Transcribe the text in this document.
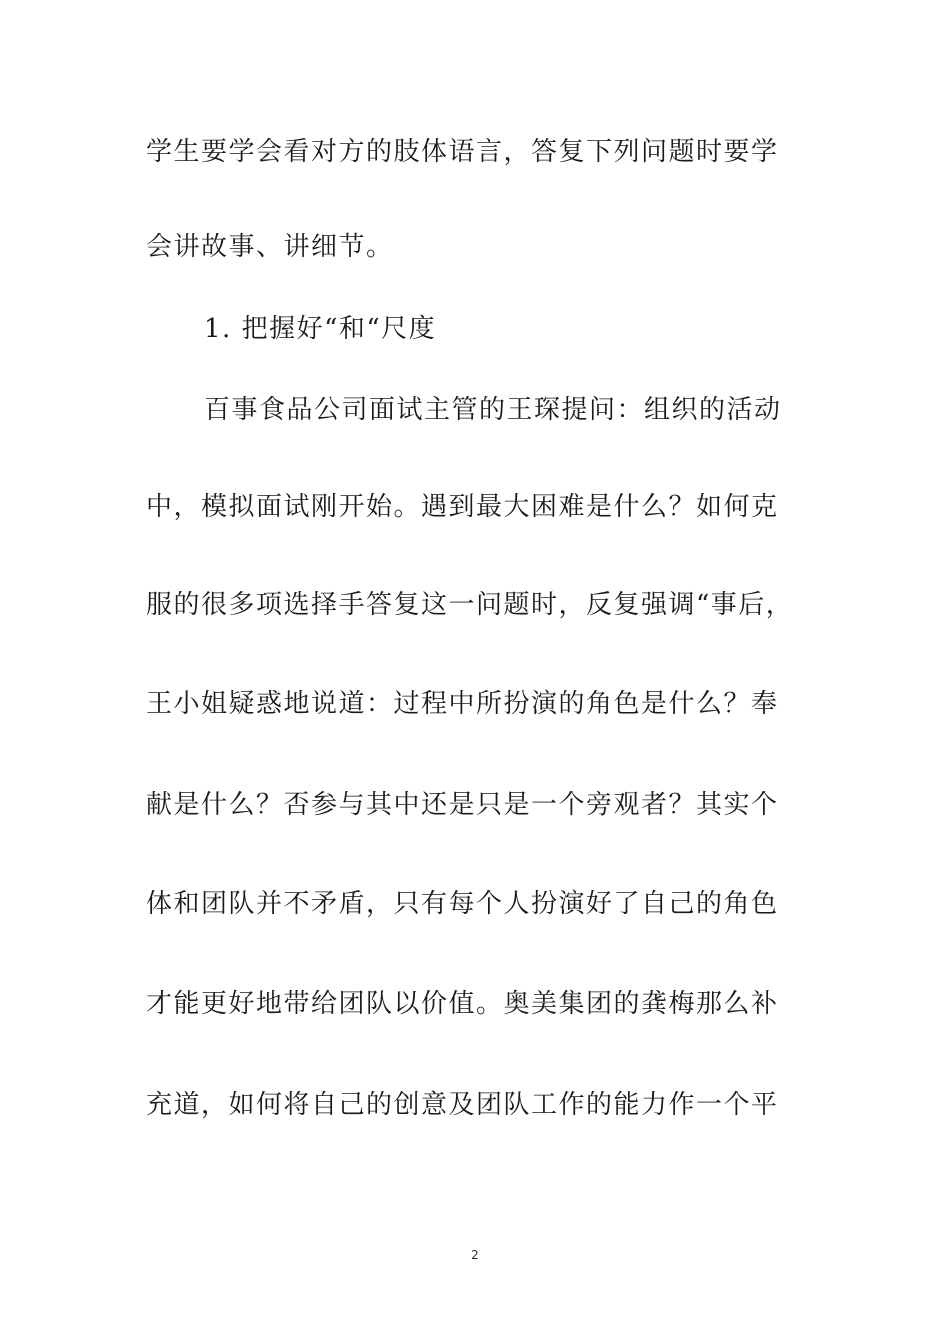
学生要学会看对方的肢体语言，答复下列问题时要学
会讲故事、讲细节。
1. 把握好“和“尺度
百事食品公司面试主管的王琛提问：组织的活动
中，模拟面试刚开始。遇到最大困难是什么？如何克
服的很多项选择手答复这一问题时，反复强调“事后，
王小姐疑惑地说道：过程中所扮演的角色是什么？奉
献是什么？否参与其中还是只是一个旁观者？其实个
体和团队并不矛盾，只有每个人扮演好了自己的角色
才能更好地带给团队以价值。奥美集团的龚梅那么补
充道，如何将自己的创意及团队工作的能力作一个平
2
